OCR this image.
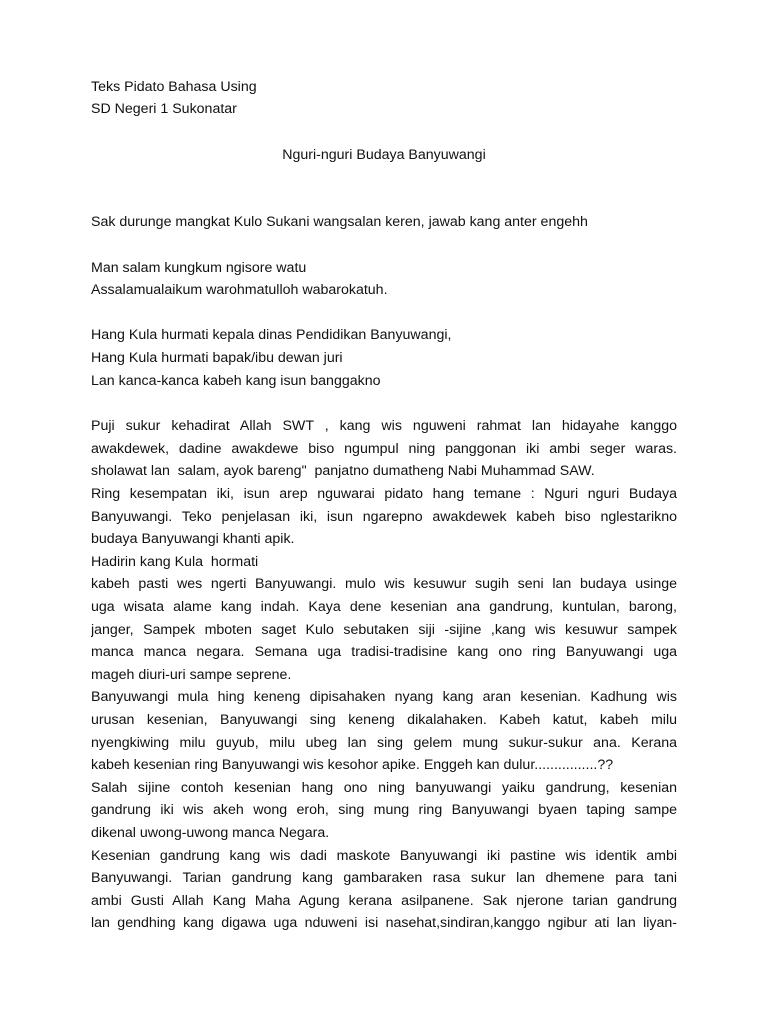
Teks Pidato Bahasa Using
SD Negeri 1 Sukonatar
Nguri-nguri Budaya Banyuwangi
Sak durunge mangkat Kulo Sukani wangsalan keren, jawab kang anter engehh
Man salam kungkum ngisore watu
Assalamualaikum warohmatulloh wabarokatuh.
Hang Kula hurmati kepala dinas Pendidikan Banyuwangi,
Hang Kula hurmati bapak/ibu dewan juri
Lan kanca-kanca kabeh kang isun banggakno
Puji sukur kehadirat Allah SWT , kang wis nguweni rahmat lan hidayahe kanggo
awakdewek, dadine awakdewe biso ngumpul ning panggonan iki ambi seger waras.
sholawat lan  salam, ayok bareng"  panjatno dumatheng Nabi Muhammad SAW.
Ring kesempatan iki, isun arep nguwarai pidato hang temane : Nguri nguri Budaya
Banyuwangi. Teko penjelasan iki, isun ngarepno awakdewek kabeh biso nglestarikno
budaya Banyuwangi khanti apik.
Hadirin kang Kula  hormati
kabeh pasti wes ngerti Banyuwangi. mulo wis kesuwur sugih seni lan budaya usinge
uga wisata alame kang indah. Kaya dene kesenian ana gandrung, kuntulan, barong,
janger, Sampek mboten saget Kulo sebutaken siji -sijine ,kang wis kesuwur sampek
manca manca negara. Semana uga tradisi-tradisine kang ono ring Banyuwangi uga
mageh diuri-uri sampe seprene.
Banyuwangi mula hing keneng dipisahaken nyang kang aran kesenian. Kadhung wis
urusan kesenian, Banyuwangi sing keneng dikalahaken. Kabeh katut, kabeh milu
nyengkiwing milu guyub, milu ubeg lan sing gelem mung sukur-sukur ana. Kerana
kabeh kesenian ring Banyuwangi wis kesohor apike. Enggeh kan dulur................??
Salah sijine contoh kesenian hang ono ning banyuwangi yaiku gandrung, kesenian
gandrung iki wis akeh wong eroh, sing mung ring Banyuwangi byaen taping sampe
dikenal uwong-uwong manca Negara.
Kesenian gandrung kang wis dadi maskote Banyuwangi iki pastine wis identik ambi
Banyuwangi. Tarian gandrung kang gambaraken rasa sukur lan dhemene para tani
ambi Gusti Allah Kang Maha Agung kerana asilpanene. Sak njerone tarian gandrung
lan gendhing kang digawa uga nduweni isi nasehat,sindiran,kanggo ngibur ati lan liyan-
